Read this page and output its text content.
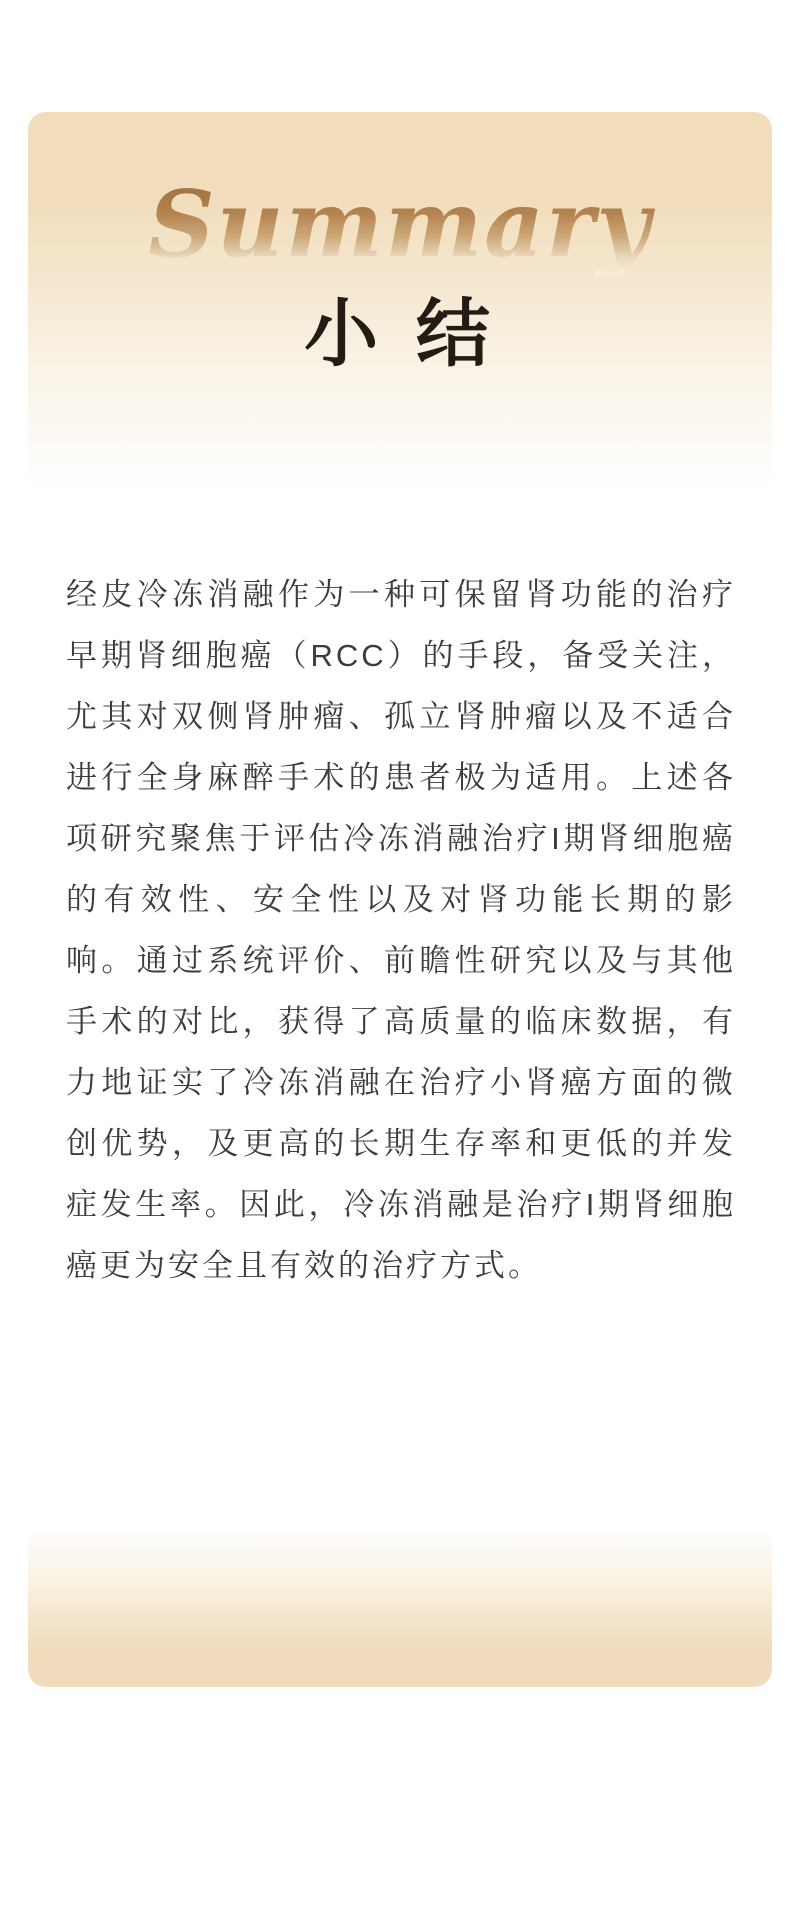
Summary
小 结

经皮冷冻消融作为一种可保留肾功能的治疗早期肾细胞癌（RCC）的手段，备受关注，尤其对双侧肾肿瘤、孤立肾肿瘤以及不适合进行全身麻醉手术的患者极为适用。上述各项研究聚焦于评估冷冻消融治疗I期肾细胞癌的有效性、安全性以及对肾功能长期的影响。通过系统评价、前瞻性研究以及与其他手术的对比，获得了高质量的临床数据，有力地证实了冷冻消融在治疗小肾癌方面的微创优势，及更高的长期生存率和更低的并发症发生率。因此，冷冻消融是治疗I期肾细胞癌更为安全且有效的治疗方式。
